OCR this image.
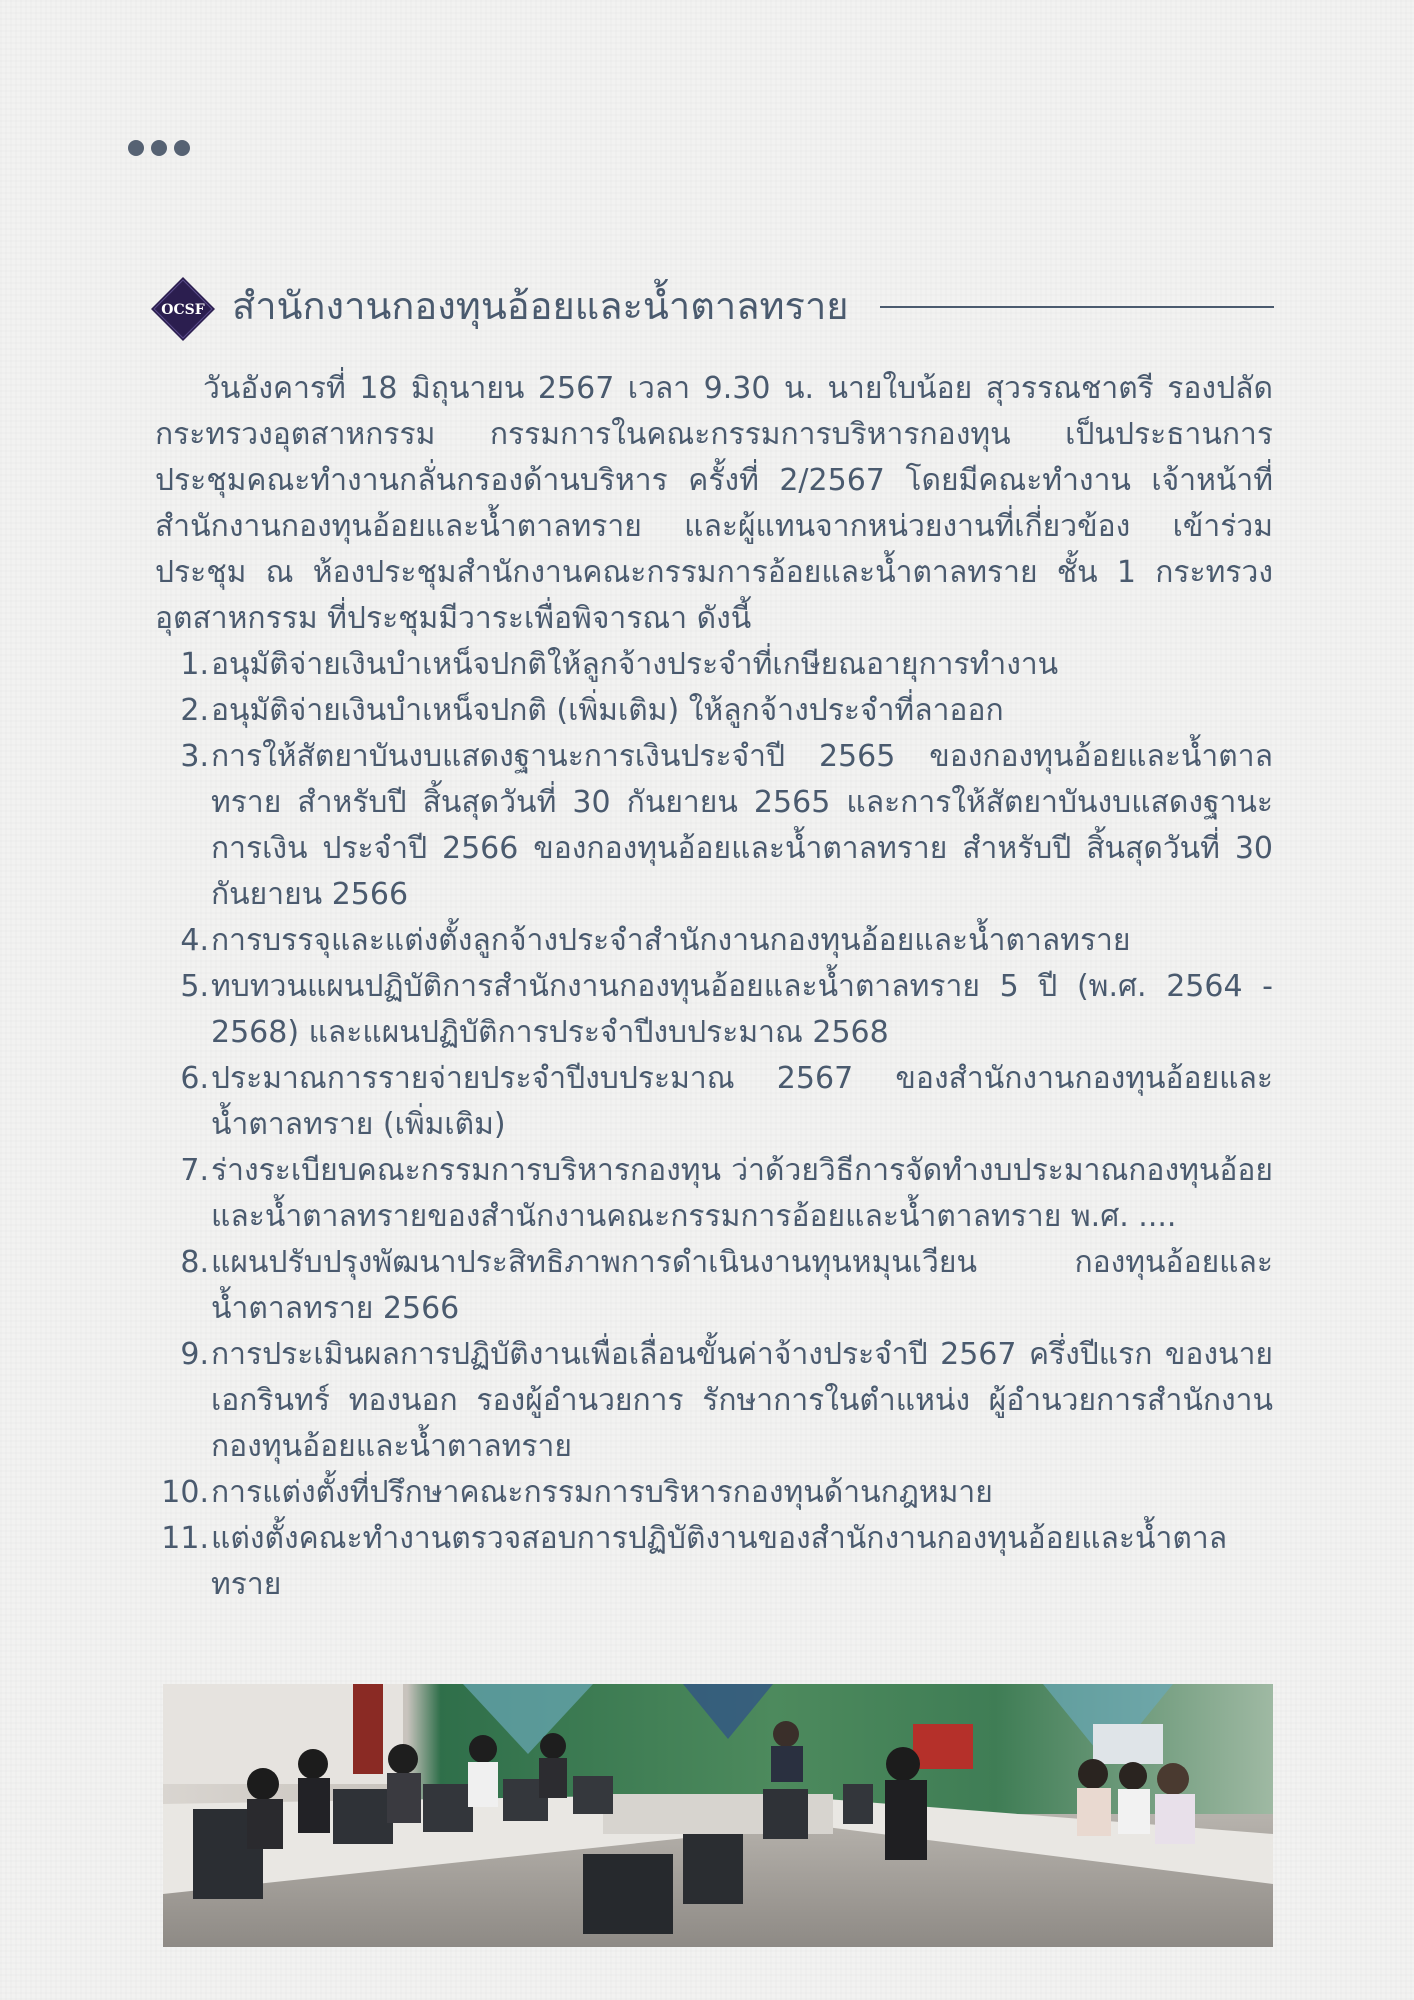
OCSF สำนักงานกองทุนอ้อยและน้ำตาลทราย
วันอังคารที่ 18 มิถุนายน 2567 เวลา 9.30 น. นายใบน้อย สุวรรณชาตรี รองปลัดกระทรวงอุตสาหกรรม กรรมการในคณะกรรมการบริหารกองทุน เป็นประธานการประชุมคณะทำงานกลั่นกรองด้านบริหาร ครั้งที่ 2/2567 โดยมีคณะทำงาน เจ้าหน้าที่สำนักงานกองทุนอ้อยและน้ำตาลทราย และผู้แทนจากหน่วยงานที่เกี่ยวข้อง เข้าร่วมประชุม ณ ห้องประชุมสำนักงานคณะกรรมการอ้อยและน้ำตาลทราย ชั้น 1 กระทรวงอุตสาหกรรม ที่ประชุมมีวาระเพื่อพิจารณา ดังนี้
1. อนุมัติจ่ายเงินบำเหน็จปกติให้ลูกจ้างประจำที่เกษียณอายุการทำงาน
2. อนุมัติจ่ายเงินบำเหน็จปกติ (เพิ่มเติม) ให้ลูกจ้างประจำที่ลาออก
3. การให้สัตยาบันงบแสดงฐานะการเงินประจำปี 2565 ของกองทุนอ้อยและน้ำตาลทราย สำหรับปี สิ้นสุดวันที่ 30 กันยายน 2565 และการให้สัตยาบันงบแสดงฐานะการเงิน ประจำปี 2566 ของกองทุนอ้อยและน้ำตาลทราย สำหรับปี สิ้นสุดวันที่ 30 กันยายน 2566
4. การบรรจุและแต่งตั้งลูกจ้างประจำสำนักงานกองทุนอ้อยและน้ำตาลทราย
5. ทบทวนแผนปฏิบัติการสำนักงานกองทุนอ้อยและน้ำตาลทราย 5 ปี (พ.ศ. 2564 - 2568) และแผนปฏิบัติการประจำปีงบประมาณ 2568
6. ประมาณการรายจ่ายประจำปีงบประมาณ 2567 ของสำนักงานกองทุนอ้อยและน้ำตาลทราย (เพิ่มเติม)
7. ร่างระเบียบคณะกรรมการบริหารกองทุน ว่าด้วยวิธีการจัดทำงบประมาณกองทุนอ้อยและน้ำตาลทรายของสำนักงานคณะกรรมการอ้อยและน้ำตาลทราย พ.ศ. ....
8. แผนปรับปรุงพัฒนาประสิทธิภาพการดำเนินงานทุนหมุนเวียน กองทุนอ้อยและน้ำตาลทราย 2566
9. การประเมินผลการปฏิบัติงานเพื่อเลื่อนขั้นค่าจ้างประจำปี 2567 ครึ่งปีแรก ของนายเอกรินทร์ ทองนอก รองผู้อำนวยการ รักษาการในตำแหน่ง ผู้อำนวยการสำนักงานกองทุนอ้อยและน้ำตาลทราย
10. การแต่งตั้งที่ปรึกษาคณะกรรมการบริหารกองทุนด้านกฎหมาย
11. แต่งตั้งคณะทำงานตรวจสอบการปฏิบัติงานของสำนักงานกองทุนอ้อยและน้ำตาลทราย
